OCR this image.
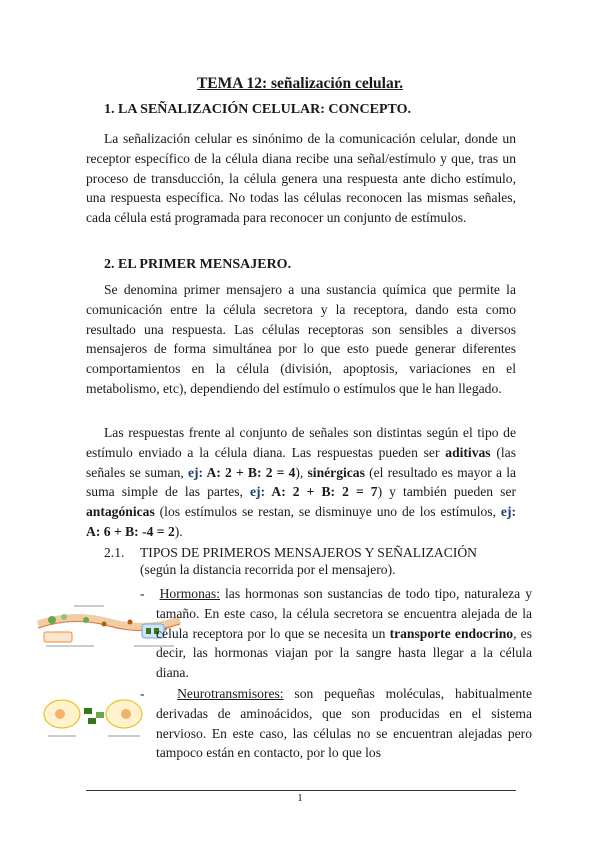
TEMA 12: señalización celular.
1. LA SEÑALIZACIÓN CELULAR: CONCEPTO.

La señalización celular es sinónimo de la comunicación celular, donde un receptor específico de la célula diana recibe una señal/estímulo y que, tras un proceso de transducción, la célula genera una respuesta ante dicho estímulo, una respuesta específica. No todas las células reconocen las mismas señales, cada célula está programada para reconocer un conjunto de estímulos.

2. EL PRIMER MENSAJERO.

Se denomina primer mensajero a una sustancia química que permite la comunicación entre la célula secretora y la receptora, dando esta como resultado una respuesta. Las células receptoras son sensibles a diversos mensajeros de forma simultánea por lo que esto puede generar diferentes comportamientos en la célula (división, apoptosis, variaciones en el metabolismo, etc), dependiendo del estímulo o estímulos que le han llegado.

Las respuestas frente al conjunto de señales son distintas según el tipo de estímulo enviado a la célula diana. Las respuestas pueden ser aditivas (las señales se suman, ej: A: 2 + B: 2 = 4), sinérgicas (el resultado es mayor a la suma simple de las partes, ej: A: 2 + B: 2 = 7) y también pueden ser antagónicas (los estímulos se restan, se disminuye uno de los estímulos, ej: A: 6 + B: -4 = 2).

2.1. TIPOS DE PRIMEROS MENSAJEROS Y SEÑALIZACIÓN
(según la distancia recorrida por el mensajero).
- Hormonas: las hormonas son sustancias de todo tipo, naturaleza y tamaño. En este caso, la célula secretora se encuentra alejada de la célula receptora por lo que se necesita un transporte endocrino, es decir, las hormonas viajan por la sangre hasta llegar a la célula diana.
- Neurotransmisores: son pequeñas moléculas, habitualmente derivadas de aminoácidos, que son producidas en el sistema nervioso. En este caso, las células no se encuentran alejadas pero tampoco están en contacto, por lo que los
1
